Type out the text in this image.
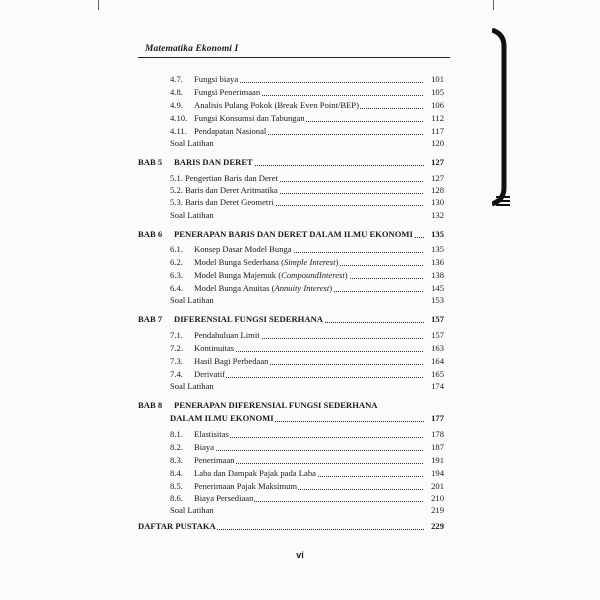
Matematika Ekonomi I
4.7. Fungsi biaya	101
4.8. Fungsi Penerimaan	105
4.9. Analisis Pulang Pokok (Break Even Point/BEP)	106
4.10. Fungsi Konsumsi dan Tabungan	112
4.11. Pendapatan Nasional	117
Soal Latihan	120
BAB 5 BARIS DAN DERET	127
5.1. Pengertian Baris dan Deret	127
5.2. Baris dan Deret Aritmatika	128
5.3. Baris dan Deret Geometri	130
Soal Latihan	132
BAB 6 PENERAPAN BARIS DAN DERET DALAM ILMU EKONOMI	135
6.1. Konsep Dasar Model Bunga	135
6.2. Model Bunga Sederhana (Simple Interest)	136
6.3. Model Bunga Majemuk (CompoundInterest)	138
6.4. Model Bunga Anuitas (Annuity Interest)	145
Soal Latihan	153
BAB 7 DIFERENSIAL FUNGSI SEDERHANA	157
7.1. Pendahuluan Limit	157
7.2. Kontinuitas	163
7.3. Hasil Bagi Perbedaan	164
7.4. Derivatif	165
Soal Latihan	174
BAB 8 PENERAPAN DIFERENSIAL FUNGSI SEDERHANA
DALAM ILMU EKONOMI	177
8.1. Elastisitas	178
8.2. Biaya	187
8.3. Penerimaan	191
8.4. Laba dan Dampak Pajak pada Laba	194
8.5. Penerimaan Pajak Maksimum	201
8.6. Biaya Persediaan	210
Soal Latihan	219
DAFTAR PUSTAKA	229
vi
